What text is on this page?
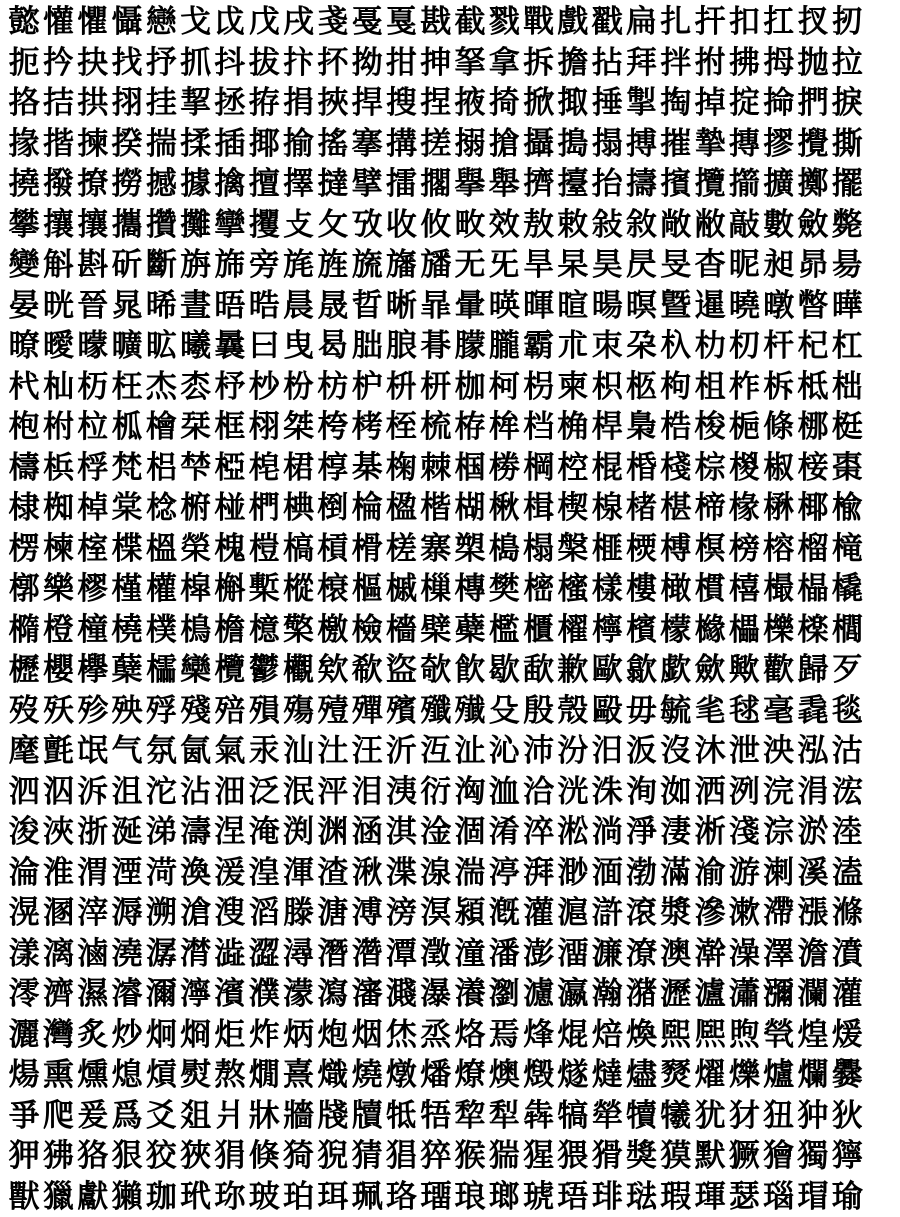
懿 懽 懼 懾 戀 戈 戉 戊 戌 戔 戞 戛 戡 截 戮 戰 戲 戳 扁 扎 扞 扣 扛 扠 扨
扼 扲 抉 找 抒 抓 抖 拔 抃 抔 拗 拑 抻 拏 拿 拆 擔 拈 拜 拌 拊 拂 拇 抛 拉
挌 拮 拱 挧 挂 挈 拯 拵 捐 挾 捍 搜 捏 掖 掎 掀 掫 捶 掣 掏 掉 掟 掵 捫 捩
掾 揩 揀 揆 揣 揉 插 揶 揄 搖 搴 搆 搓 搦 搶 攝 搗 搨 搏 摧 摯 摶 摎 攪 撕
撓 撥 撩 撈 撼 據 擒 擅 擇 撻 擘 擂 擱 擧 舉 擠 擡 抬 擣 擯 攬 擶 擴 擲 擺
攀 攘 攘 攜 攢 攤 攣 攫 攴 攵 攷 收 攸 畋 效 敖 敕 敍 敘 敞 敝 敲 數 斂 斃
變 斛 斟 斫 斷 旃 旆 旁 旄 旌 旒 旛 旙 无 旡 旱 杲 昊 昃 旻 杳 昵 昶 昴 昜
晏 晄 晉 晁 晞 晝 晤 晧 晨 晟 晢 晰 暃 暈 暎 暉 暄 暘 暝 曁 暹 曉 暾 暼 曄
暸 曖 曚 曠 昿 曦 曩 曰 曳 曷 朏 朖 朞 朦 朧 霸 朮 朿 朶 杁 朸 朷 杆 杞 杠
杙 杣 杤 枉 杰 枩 杼 杪 枌 枋 枦 枡 枅 枷 柯 枴 柬 枳 柩 枸 柤 柞 柝 柢 柮
枹 柎 柆 柧 檜 栞 框 栩 桀 桍 栲 桎 梳 栫 桙 档 桷 桿 梟 梏 梭 梔 條 梛 梃
檮 梹 桴 梵 梠 梺 椏 梍 桾 椁 棊 椈 棘 椢 椦 棡 椌 棍 棔 棧 棕 椶 椒 椄 棗
棣 椥 棹 棠 棯 椨 椪 椚 椣 椡 棆 楹 楷 楜 楸 楫 楔 楾 楮 椹 楴 椽 楙 椰 楡
楞 楝 榁 楪 榲 榮 槐 榿 槁 槓 榾 槎 寨 槊 槝 榻 槃 榧 樮 榑 榠 榜 榕 榴 槞
槨 樂 樛 槿 權 槹 槲 槧 樅 榱 樞 槭 樔 槫 樊 樒 櫁 樣 樓 橄 樌 橲 樶 橸 橇
橢 橙 橦 橈 樸 樢 檐 檍 檠 檄 檢 檣 檗 蘗 檻 櫃 櫂 檸 檳 檬 櫞 櫑 櫟 檪 櫚
櫪 櫻 欅 蘖 櫺 欒 欖 鬱 欟 欸 欷 盜 欹 飮 歇 歃 歉 歐 歙 歔 歛 歟 歡 歸 歹
歿 殀 殄 殃 殍 殘 殕 殞 殤 殪 殫 殯 殲 殱 殳 殷 殼 毆 毋 毓 毟 毬 毫 毳 毯
麾 氈 氓 气 氛 氤 氣 汞 汕 汢 汪 沂 沍 沚 沁 沛 汾 汨 汳 沒 沐 泄 泱 泓 沽
泗 泅 泝 沮 沱 沾 沺 泛 泯 泙 泪 洟 衍 洶 洫 洽 洸 洙 洵 洳 洒 洌 浣 涓 浤
浚 浹 浙 涎 涕 濤 涅 淹 渕 渊 涵 淇 淦 涸 淆 淬 淞 淌 淨 淒 淅 淺 淙 淤 淕
淪 淮 渭 湮 渮 渙 湲 湟 渾 渣 湫 渫 湶 湍 渟 湃 渺 湎 渤 滿 渝 游 溂 溪 溘
滉 溷 滓 溽 溯 滄 溲 滔 滕 溏 溥 滂 溟 潁 漑 灌 滬 滸 滾 漿 滲 漱 滯 漲 滌
漾 漓 滷 澆 潺 潸 澁 澀 潯 潛 濳 潭 澂 潼 潘 澎 澑 濂 潦 澳 澣 澡 澤 澹 濆
澪 濟 濕 濬 濔 濘 濱 濮 濛 瀉 瀋 濺 瀑 瀁 瀏 濾 瀛 瀚 潴 瀝 瀘 瀟 瀰 瀾 灌
灑 灣 炙 炒 炯 烱 炬 炸 炳 炮 烟 烋 烝 烙 焉 烽 焜 焙 煥 煕 熈 煦 煢 煌 煖
煬 熏 燻 熄 熕 熨 熬 燗 熹 熾 燒 燉 燔 燎 燠 燬 燧 燵 燼 燹 燿 爍 爐 爛 爨
爭 爬 爰 爲 爻 爼 爿 牀 牆 牋 牘 牴 牾 犂 犁 犇 犒 犖 犢 犧 犹 犲 狃 狆 狄
狎 狒 狢 狠 狡 狹 狷 倏 猗 猊 猜 猖 猝 猴 猯 猩 猥 猾 獎 獏 默 獗 獪 獨 獰
獸 獵 獻 獺 珈 玳 珎 玻 珀 珥 珮 珞 璢 琅 瑯 琥 珸 琲 琺 瑕 琿 瑟 瑙 瑁 瑜
